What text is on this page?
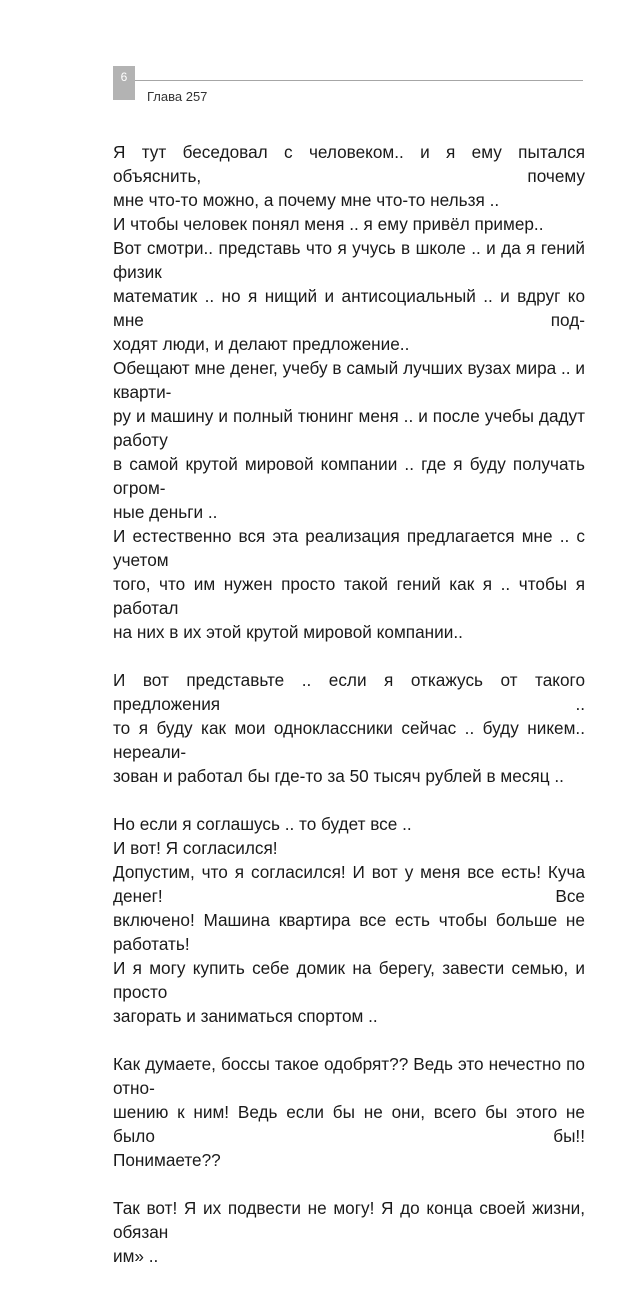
6
Глава 257
Я тут беседовал с человеком.. и я ему пытался объяснить, почему
мне что-то можно, а почему мне что-то нельзя ..
И чтобы человек понял меня .. я ему привёл пример..
Вот смотри.. представь что я учусь в школе .. и да я гений физик
математик .. но я нищий и антисоциальный .. и вдруг ко мне под-
ходят люди, и делают предложение..
Обещают мне денег, учебу в самый лучших вузах мира .. и кварти-
ру и машину и полный тюнинг меня .. и после учебы дадут работу
в самой крутой мировой компании .. где я буду получать огром-
ные деньги ..
И естественно вся эта реализация предлагается мне .. с учетом
того, что им нужен просто такой гений как я .. чтобы я работал
на них в их этой крутой мировой компании..
И вот представьте .. если я откажусь от такого предложения ..
то я буду как мои одноклассники сейчас .. буду никем.. нереали-
зован и работал бы где-то за 50 тысяч рублей в месяц ..
Но если я соглашусь .. то будет все ..
И вот! Я согласился!
Допустим, что я согласился! И вот у меня все есть! Куча денег! Все
включено! Машина квартира все есть чтобы больше не работать!
И я могу купить себе домик на берегу, завести семью, и просто
загорать и заниматься спортом ..
Как думаете, боссы такое одобрят?? Ведь это нечестно по отно-
шению к ним! Ведь если бы не они, всего бы этого не было бы!!
Понимаете??
Так вот! Я их подвести не могу! Я до конца своей жизни, обязан
им» ..
